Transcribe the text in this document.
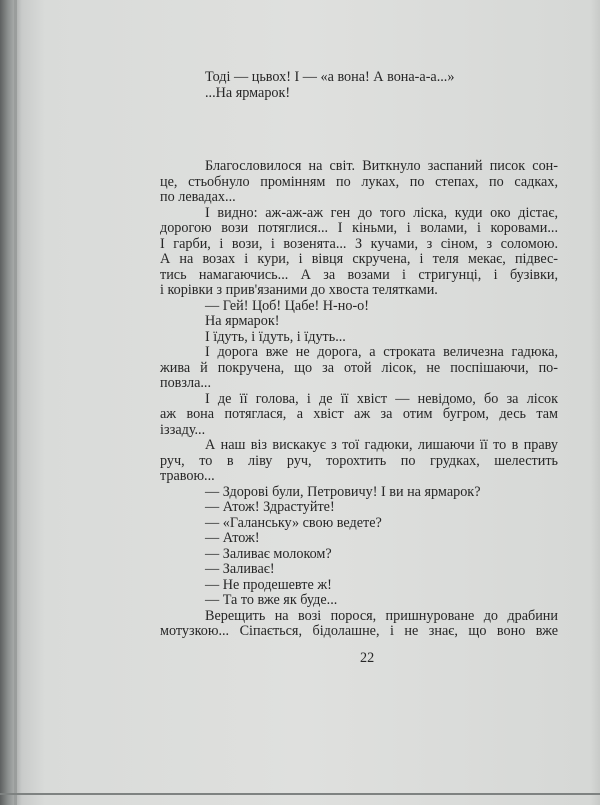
Тоді — цьвох! І — «а вона! А вона-а-а...»
...На ярмарок!
Благословилося на світ. Виткнуло заспаний писок сон-
це, стьобнуло промінням по луках, по степах, по садках,
по левадах...
І видно: аж-аж-аж ген до того ліска, куди око дістає,
дорогою вози потяглися... І кіньми, і волами, і коровами...
І гарби, і вози, і возенята... З кучами, з сіном, з соломою.
А на возах і кури, і вівця скручена, і теля мекає, підвес-
тись намагаючись... А за возами і стригунці, і бузівки,
і корівки з прив'язаними до хвоста телятками.
— Гей! Цоб! Цабе! Н-но-о!
На ярмарок!
І їдуть, і їдуть, і їдуть...
І дорога вже не дорога, а строката величезна гадюка,
жива й покручена, що за отой лісок, не поспішаючи, по-
повзла...
І де її голова, і де її хвіст — невідомо, бо за лісок
аж вона потяглася, а хвіст аж за отим бугром, десь там
іззаду...
А наш віз вискакує з тої гадюки, лишаючи її то в праву
руч, то в ліву руч, торохтить по грудках, шелестить
травою...
— Здорові були, Петровичу! І ви на ярмарок?
— Атож! Здрастуйте!
— «Галанську» свою ведете?
— Атож!
— Заливає молоком?
— Заливає!
— Не продешевте ж!
— Та то вже як буде...
Верещить на возі порося, пришнуроване до драбини
мотузкою... Сіпається, бідолашне, і не знає, що воно вже
22
